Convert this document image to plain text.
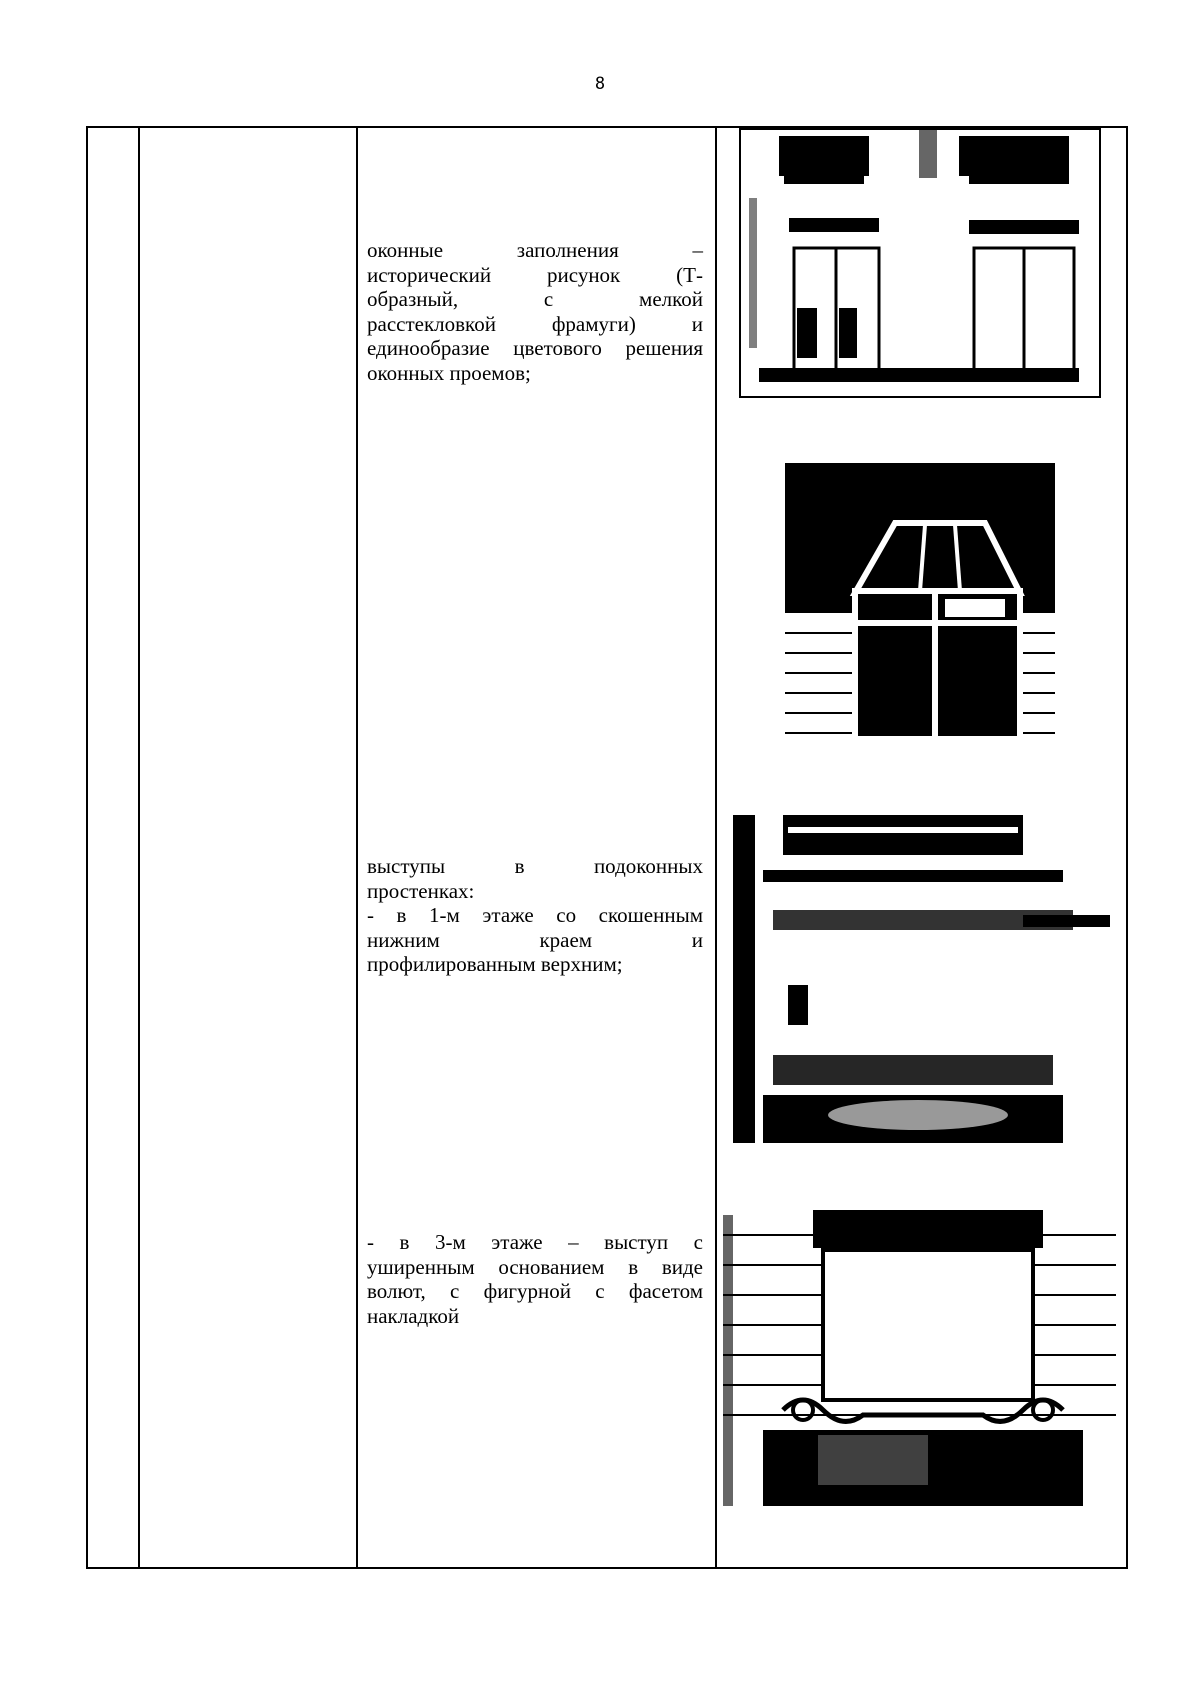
8
оконные заполнения –
исторический рисунок (Т-
образный, с мелкой
расстекловкой фрамуги) и
единообразие цветового решения
оконных проемов;
выступы в подоконных
простенках:
- в 1-м этаже со скошенным
нижним краем и
профилированным верхним;
- в 3-м этаже – выступ с
уширенным основанием в виде
волют, с фигурной с фасетом
накладкой
